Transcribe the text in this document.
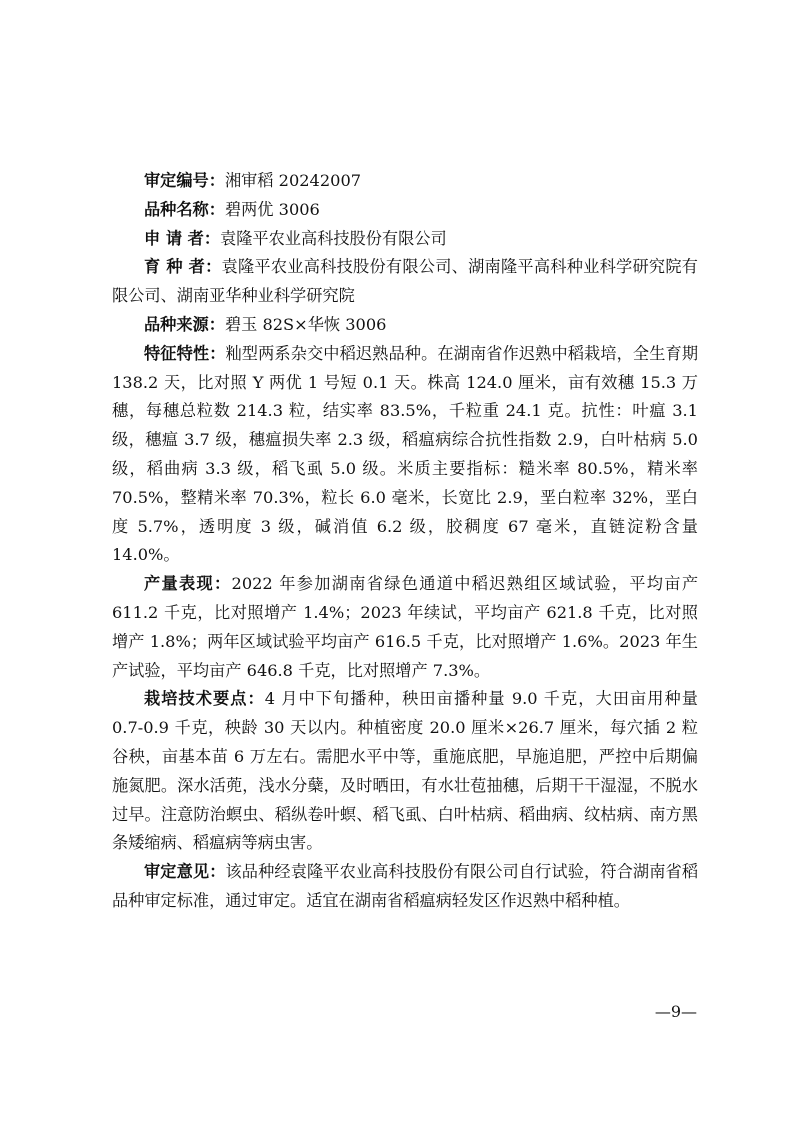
审定编号：湘审稻 20242007

品种名称：碧两优 3006

申 请 者：袁隆平农业高科技股份有限公司

育 种 者：袁隆平农业高科技股份有限公司、湖南隆平高科种业科学研究院有限公司、湖南亚华种业科学研究院

品种来源：碧玉 82S×华恢 3006

特征特性：籼型两系杂交中稻迟熟品种。在湖南省作迟熟中稻栽培，全生育期 138.2 天，比对照 Y 两优 1 号短 0.1 天。株高 124.0 厘米，亩有效穗 15.3 万穗，每穗总粒数 214.3 粒，结实率 83.5%，千粒重 24.1 克。抗性：叶瘟 3.1 级，穗瘟 3.7 级，穗瘟损失率 2.3 级，稻瘟病综合抗性指数 2.9，白叶枯病 5.0 级，稻曲病 3.3 级，稻飞虱 5.0 级。米质主要指标：糙米率 80.5%，精米率 70.5%，整精米率 70.3%，粒长 6.0 毫米，长宽比 2.9，垩白粒率 32%，垩白度 5.7%，透明度 3 级，碱消值 6.2 级，胶稠度 67 毫米，直链淀粉含量 14.0%。

产量表现：2022 年参加湖南省绿色通道中稻迟熟组区域试验，平均亩产 611.2 千克，比对照增产 1.4%；2023 年续试，平均亩产 621.8 千克，比对照增产 1.8%；两年区域试验平均亩产 616.5 千克，比对照增产 1.6%。2023 年生产试验，平均亩产 646.8 千克，比对照增产 7.3%。

栽培技术要点：4 月中下旬播种，秧田亩播种量 9.0 千克，大田亩用种量 0.7-0.9 千克，秧龄 30 天以内。种植密度 20.0 厘米×26.7 厘米，每穴插 2 粒谷秧，亩基本苗 6 万左右。需肥水平中等，重施底肥，早施追肥，严控中后期偏施氮肥。深水活蔸，浅水分蘖，及时晒田，有水壮苞抽穗，后期干干湿湿，不脱水过早。注意防治螟虫、稻纵卷叶螟、稻飞虱、白叶枯病、稻曲病、纹枯病、南方黑条矮缩病、稻瘟病等病虫害。

审定意见：该品种经袁隆平农业高科技股份有限公司自行试验，符合湖南省稻品种审定标准，通过审定。适宜在湖南省稻瘟病轻发区作迟熟中稻种植。

—9—
